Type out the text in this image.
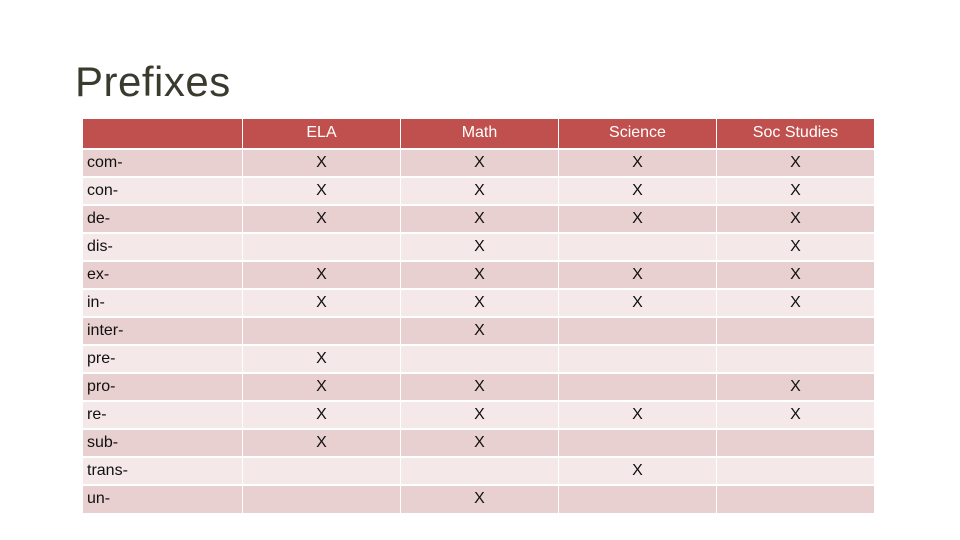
Prefixes
	ELA	Math	Science	Soc Studies
com-	X	X	X	X
con-	X	X	X	X
de-	X	X	X	X
dis-		X		X
ex-	X	X	X	X
in-	X	X	X	X
inter-		X		
pre-	X			
pro-	X	X		X
re-	X	X	X	X
sub-	X	X		
trans-			X	
un-		X		
